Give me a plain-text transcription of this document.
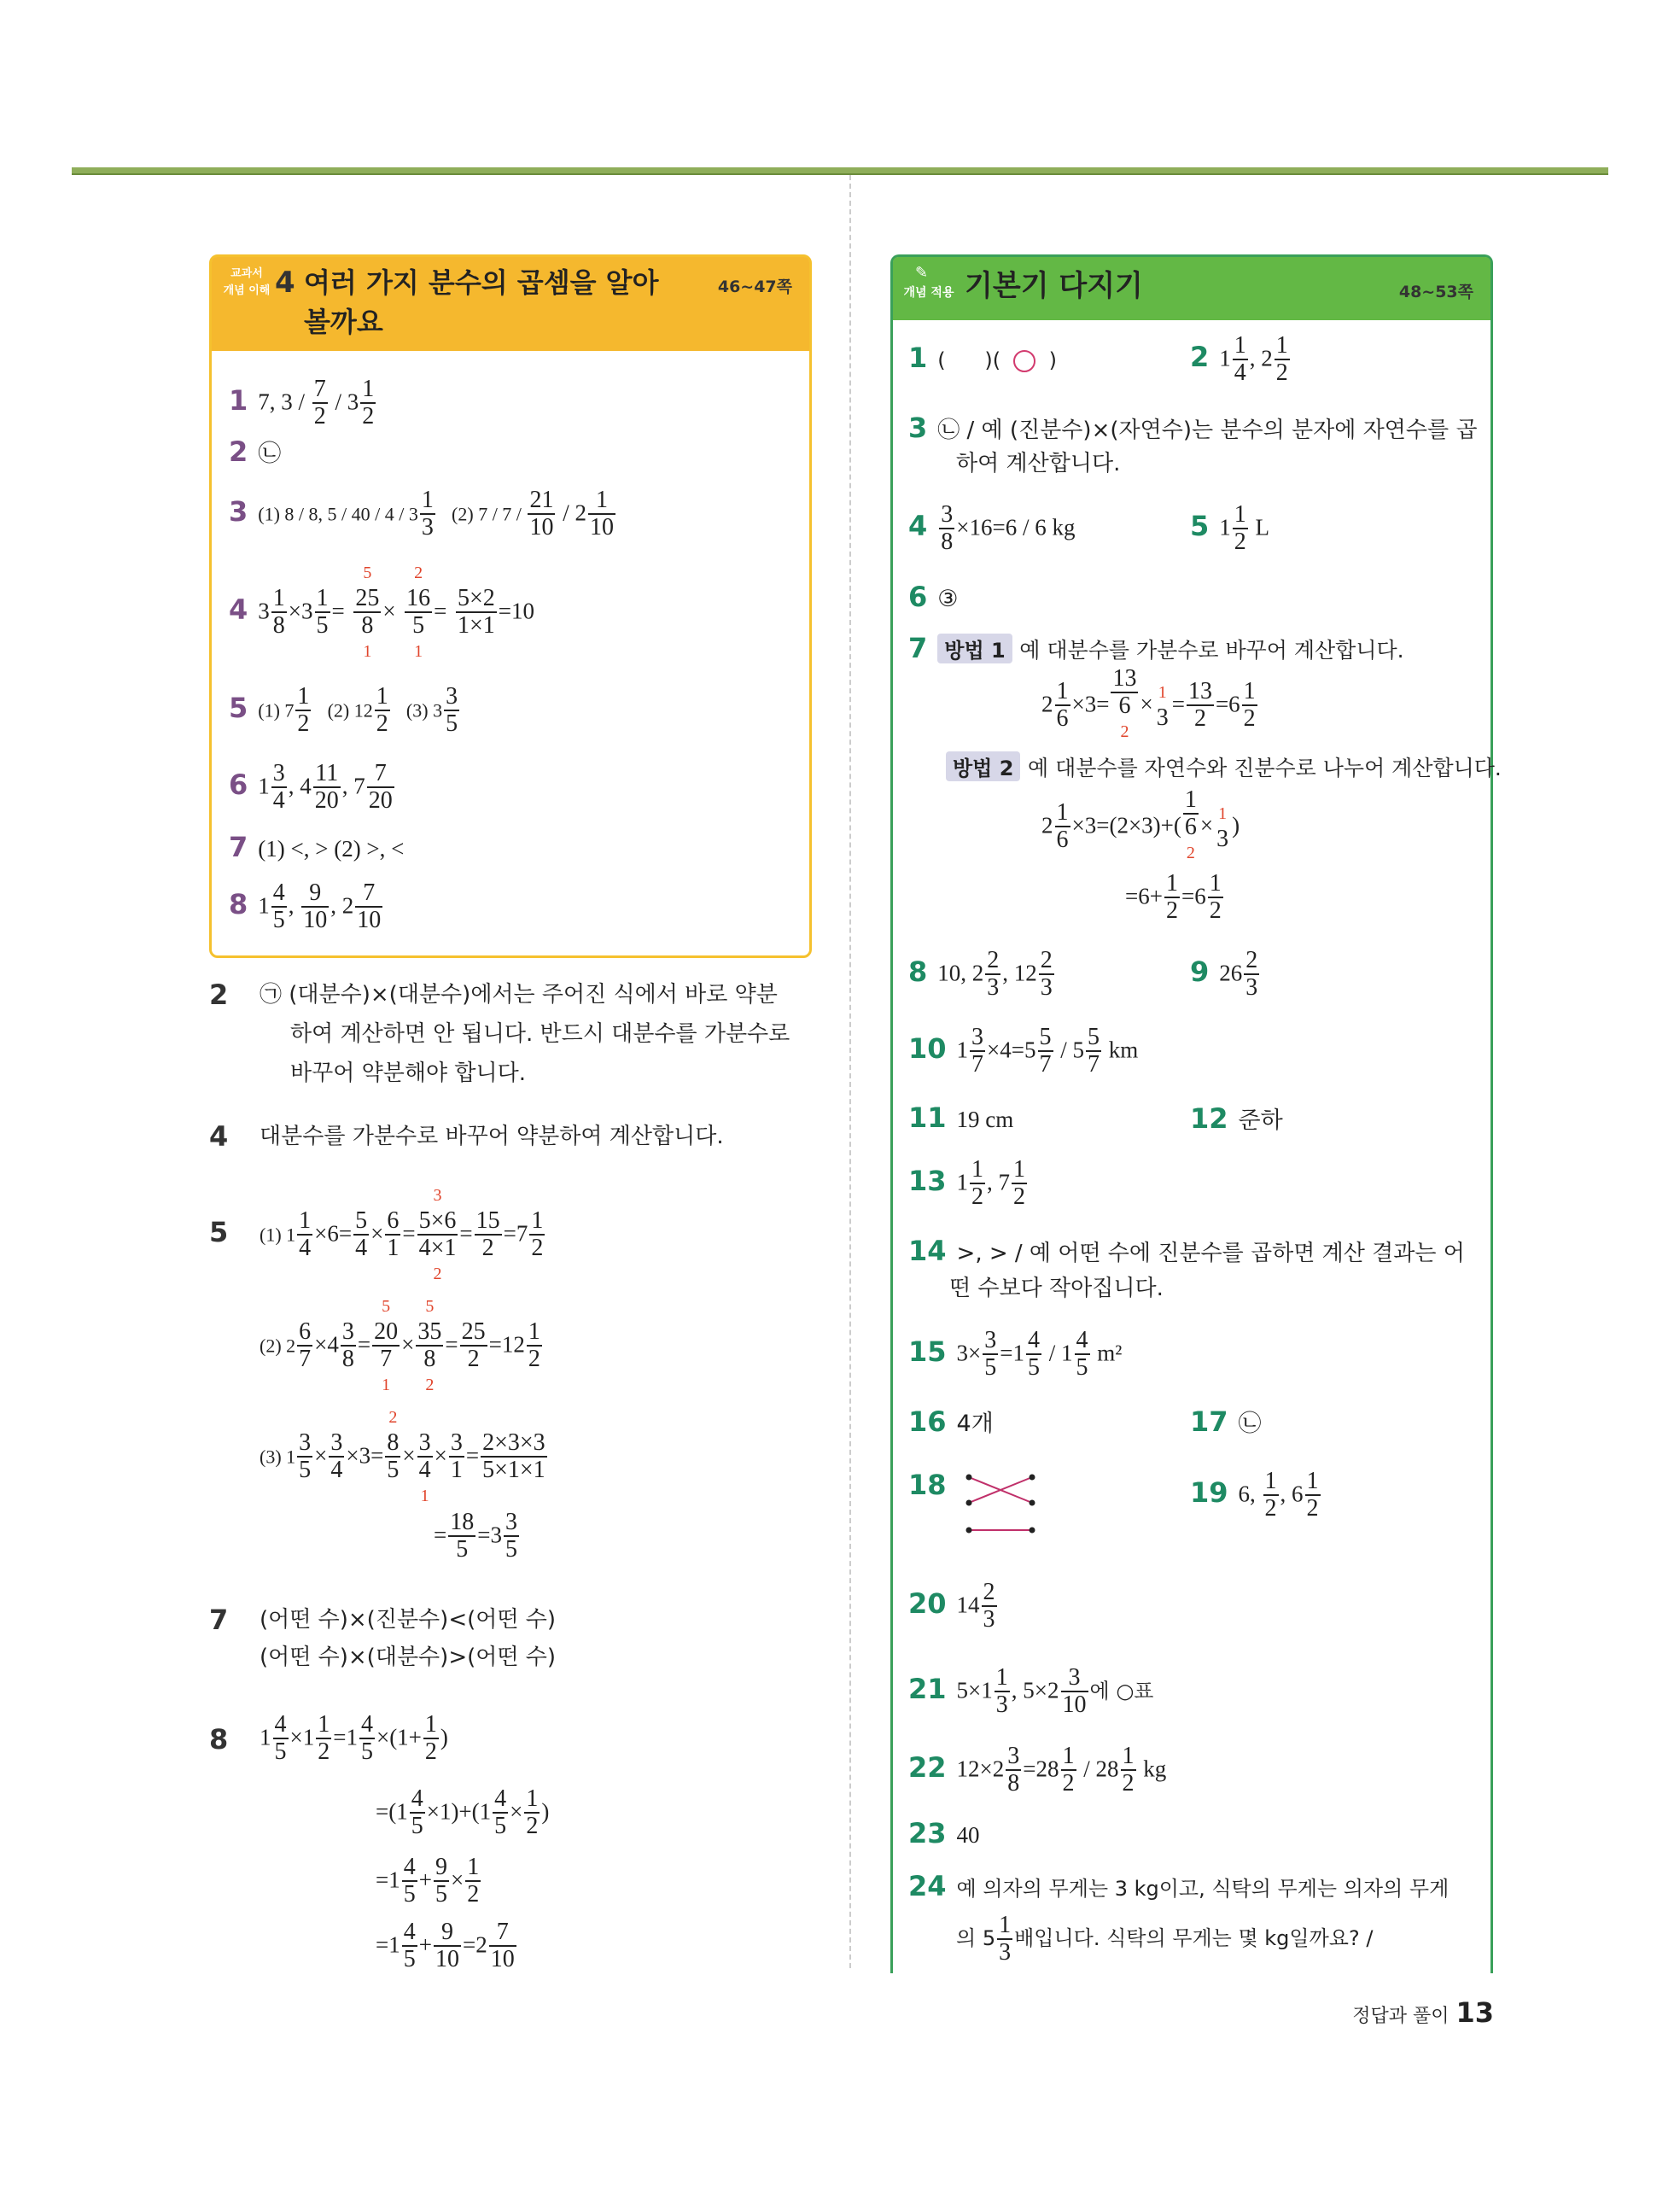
교과서
개념 이해 4 여러 가지 분수의 곱셈을 알아
볼까요
46~47쪽
1 7, $3 / \frac{7}{2} / 3 \frac{1}{2}$
2 ㉡
3 (1) 8 / 8, $5 / 40 / 4 / 3 \frac{1}{3} (2)$ $7 / 7 / \frac{21}{10} / 2 \frac{1}{10}$
4 $3 \frac{1}{8} \times 3 \frac{1}{5}$ =
5
25
8
1
×
2
16
5
1
= $\frac{5\times 2}{1\times 1} =10$
5 (1) $7 \frac{1}{2} (2)$ $12 \frac{1}{2} (3)$ $3 \frac{3}{5}$
6 $1 \frac{3}{4}$ , $4 \frac{11}{20}$ , $7 \frac{7}{20}$
7 (1) <, > (2) >, <
8 $1 \frac{4}{5}$ , $\frac{9}{10}$ , $2 \frac{7}{10}$
2 ㉠ (대분수)×(대분수)에서는 주어진 식에서 바로 약분
하여 계산하면 안 됩니다. 반드시 대분수를 가분수로
바꾸어 약분해야 합니다.
4 대분수를 가분수로 바꾸어 약분하여 계산합니다.
5 (1) $1 \frac{1}{4} \times 6= \frac{5}{4} \times \frac{6}{1}$ =
3
5×6
4×1
2
= $\frac{15}{2} =7 \frac{1}{2}$
(2) $2 \frac{6}{7} \times 4 \frac{3}{8}$ =
5
20
7
1
×
5
35
8
2
= $\frac{25}{2} =12 \frac{1}{2}$
(3) $1 \frac{3}{5} \times \frac{3}{4} \times 3=$
2
8
5

×
3
4
1
× $\frac{3}{1} = \frac{2\times 3\times 3}{5\times 1\times 1}$
= $\frac{18}{5} =3 \frac{3}{5}$
7 (어떤 수)×(진분수)<(어떤 수)
(어떤 수)×(대분수)>(어떤 수)
8 $1 \frac{4}{5} \times 1 \frac{1}{2} =1 \frac{4}{5} \times(1+ \frac{1}{2}$ )
$=(1 \frac{4}{5} \times 1)+(1 \frac{4}{5} \times \frac{1}{2}$ )
$=1 \frac{4}{5} + \frac{9}{5} \times \frac{1}{2}$
$=1 \frac{4}{5} + \frac{9}{10} =2 \frac{7}{10}$
개념 적용
✎	기본기 다지기	48~53쪽
1 (      )( ○ )	2 $1 \frac{1}{4}$ , $2 \frac{1}{2}$
3 ㉡ / 예 (진분수)×(자연수)는 분수의 분자에 자연수를 곱
하여 계산합니다.
$4 \frac{3}{8} \times 16=6 / 6$ kg	5 $1 \frac{1}{2}$ L
6 ③
7 방법 1 예 대분수를 가분수로 바꾸어 계산합니다.
$2 \frac{1}{6} \times 3=$
13
6
2
× 1
3
= $\frac{13}{2} =6 \frac{1}{2}$
방법 2 예 대분수를 자연수와 진분수로 나누어 계산합니다.
$2 \frac{1}{6} \times 3=(2\times 3)+$(
1
6
2
× 1
3
)
$=6+ \frac{1}{2} =6 \frac{1}{2}$
8 10, $2 \frac{2}{3}$ , $12 \frac{2}{3}$	9 $26 \frac{2}{3}$
10 $1 \frac{3}{7} \times 4=5 \frac{5}{7} / 5 \frac{5}{7}$ km
11 19 cm	12 준하
13 $1 \frac{1}{2}$ , $7 \frac{1}{2}$
14 >, > / 예 어떤 수에 진분수를 곱하면 계산 결과는 어
떤 수보다 작아집니다.
15 $3\times \frac{3}{5} =1 \frac{4}{5} / 1 \frac{4}{5} m^2$
16 4개	17 ㉡
18	19 6, $\frac{1}{2}$ , $6 \frac{1}{2}$
20 $14 \frac{2}{3}$
21 $5\times 1 \frac{1}{3}$ , $5\times 2 \frac{3}{10}$ 에 ○표
22 $12\times 2 \frac{3}{8} =28 \frac{1}{2} / 28 \frac{1}{2}$ kg
23 40
24 예 의자의 무게는 3 kg이고, 식탁의 무게는 의자의 무게
의 $5 \frac{1}{3}$ 배입니다. 식탁의 무게는 몇 kg일까요? /
정답과 풀이 13
